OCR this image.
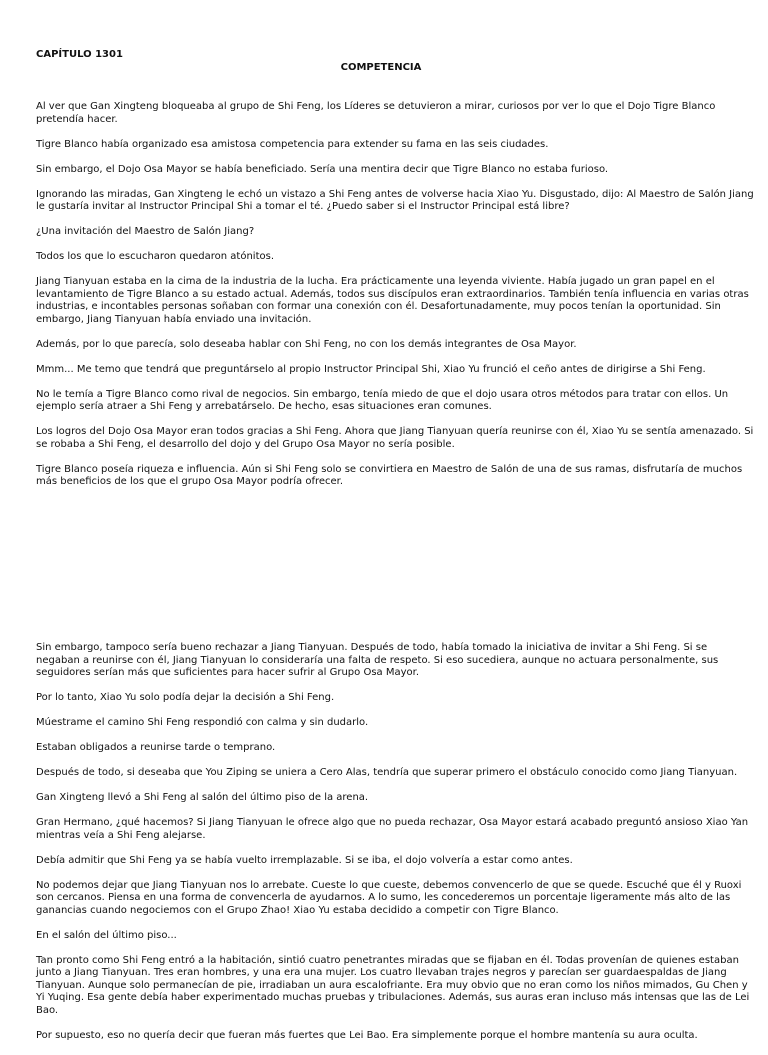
CAPÍTULO 1301
COMPETENCIA

Al ver que Gan Xingteng bloqueaba al grupo de Shi Feng, los Líderes se detuvieron a mirar, curiosos por ver lo que el Dojo Tigre Blanco pretendía hacer.

Tigre Blanco había organizado esa amistosa competencia para extender su fama en las seis ciudades.

Sin embargo, el Dojo Osa Mayor se había beneficiado. Sería una mentira decir que Tigre Blanco no estaba furioso.

Ignorando las miradas, Gan Xingteng le echó un vistazo a Shi Feng antes de volverse hacia Xiao Yu. Disgustado, dijo: Al Maestro de Salón Jiang le gustaría invitar al Instructor Principal Shi a tomar el té. ¿Puedo saber si el Instructor Principal está libre?

¿Una invitación del Maestro de Salón Jiang?

Todos los que lo escucharon quedaron atónitos.

Jiang Tianyuan estaba en la cima de la industria de la lucha. Era prácticamente una leyenda viviente. Había jugado un gran papel en el levantamiento de Tigre Blanco a su estado actual. Además, todos sus discípulos eran extraordinarios. También tenía influencia en varias otras industrias, e incontables personas soñaban con formar una conexión con él. Desafortunadamente, muy pocos tenían la oportunidad. Sin embargo, Jiang Tianyuan había enviado una invitación.

Además, por lo que parecía, solo deseaba hablar con Shi Feng, no con los demás integrantes de Osa Mayor.

Mmm... Me temo que tendrá que preguntárselo al propio Instructor Principal Shi, Xiao Yu frunció el ceño antes de dirigirse a Shi Feng.

No le temía a Tigre Blanco como rival de negocios. Sin embargo, tenía miedo de que el dojo usara otros métodos para tratar con ellos. Un ejemplo sería atraer a Shi Feng y arrebatárselo. De hecho, esas situaciones eran comunes.

Los logros del Dojo Osa Mayor eran todos gracias a Shi Feng. Ahora que Jiang Tianyuan quería reunirse con él, Xiao Yu se sentía amenazado. Si se robaba a Shi Feng, el desarrollo del dojo y del Grupo Osa Mayor no sería posible.

Tigre Blanco poseía riqueza e influencia. Aún si Shi Feng solo se convirtiera en Maestro de Salón de una de sus ramas, disfrutaría de muchos más beneficios de los que el grupo Osa Mayor podría ofrecer.

Sin embargo, tampoco sería bueno rechazar a Jiang Tianyuan. Después de todo, había tomado la iniciativa de invitar a Shi Feng. Si se negaban a reunirse con él, Jiang Tianyuan lo consideraría una falta de respeto. Si eso sucediera, aunque no actuara personalmente, sus seguidores serían más que suficientes para hacer sufrir al Grupo Osa Mayor.

Por lo tanto, Xiao Yu solo podía dejar la decisión a Shi Feng.

Múestrame el camino Shi Feng respondió con calma y sin dudarlo.

Estaban obligados a reunirse tarde o temprano.

Después de todo, si deseaba que You Ziping se uniera a Cero Alas, tendría que superar primero el obstáculo conocido como Jiang Tianyuan.

Gan Xingteng llevó a Shi Feng al salón del último piso de la arena.

Gran Hermano, ¿qué hacemos? Si Jiang Tianyuan le ofrece algo que no pueda rechazar, Osa Mayor estará acabado preguntó ansioso Xiao Yan mientras veía a Shi Feng alejarse.

Debía admitir que Shi Feng ya se había vuelto irremplazable. Si se iba, el dojo volvería a estar como antes.

No podemos dejar que Jiang Tianyuan nos lo arrebate. Cueste lo que cueste, debemos convencerlo de que se quede. Escuché que él y Ruoxi son cercanos. Piensa en una forma de convencerla de ayudarnos. A lo sumo, les concederemos un porcentaje ligeramente más alto de las ganancias cuando negociemos con el Grupo Zhao! Xiao Yu estaba decidido a competir con Tigre Blanco.

En el salón del último piso...

Tan pronto como Shi Feng entró a la habitación, sintió cuatro penetrantes miradas que se fijaban en él. Todas provenían de quienes estaban junto a Jiang Tianyuan. Tres eran hombres, y una era una mujer. Los cuatro llevaban trajes negros y parecían ser guardaespaldas de Jiang Tianyuan. Aunque solo permanecían de pie, irradiaban un aura escalofriante. Era muy obvio que no eran como los niños mimados, Gu Chen y Yi Yuqing. Esa gente debía haber experimentado muchas pruebas y tribulaciones. Además, sus auras eran incluso más intensas que las de Lei Bao.

Por supuesto, eso no quería decir que fueran más fuertes que Lei Bao. Era simplemente porque el hombre mantenía su aura oculta.
